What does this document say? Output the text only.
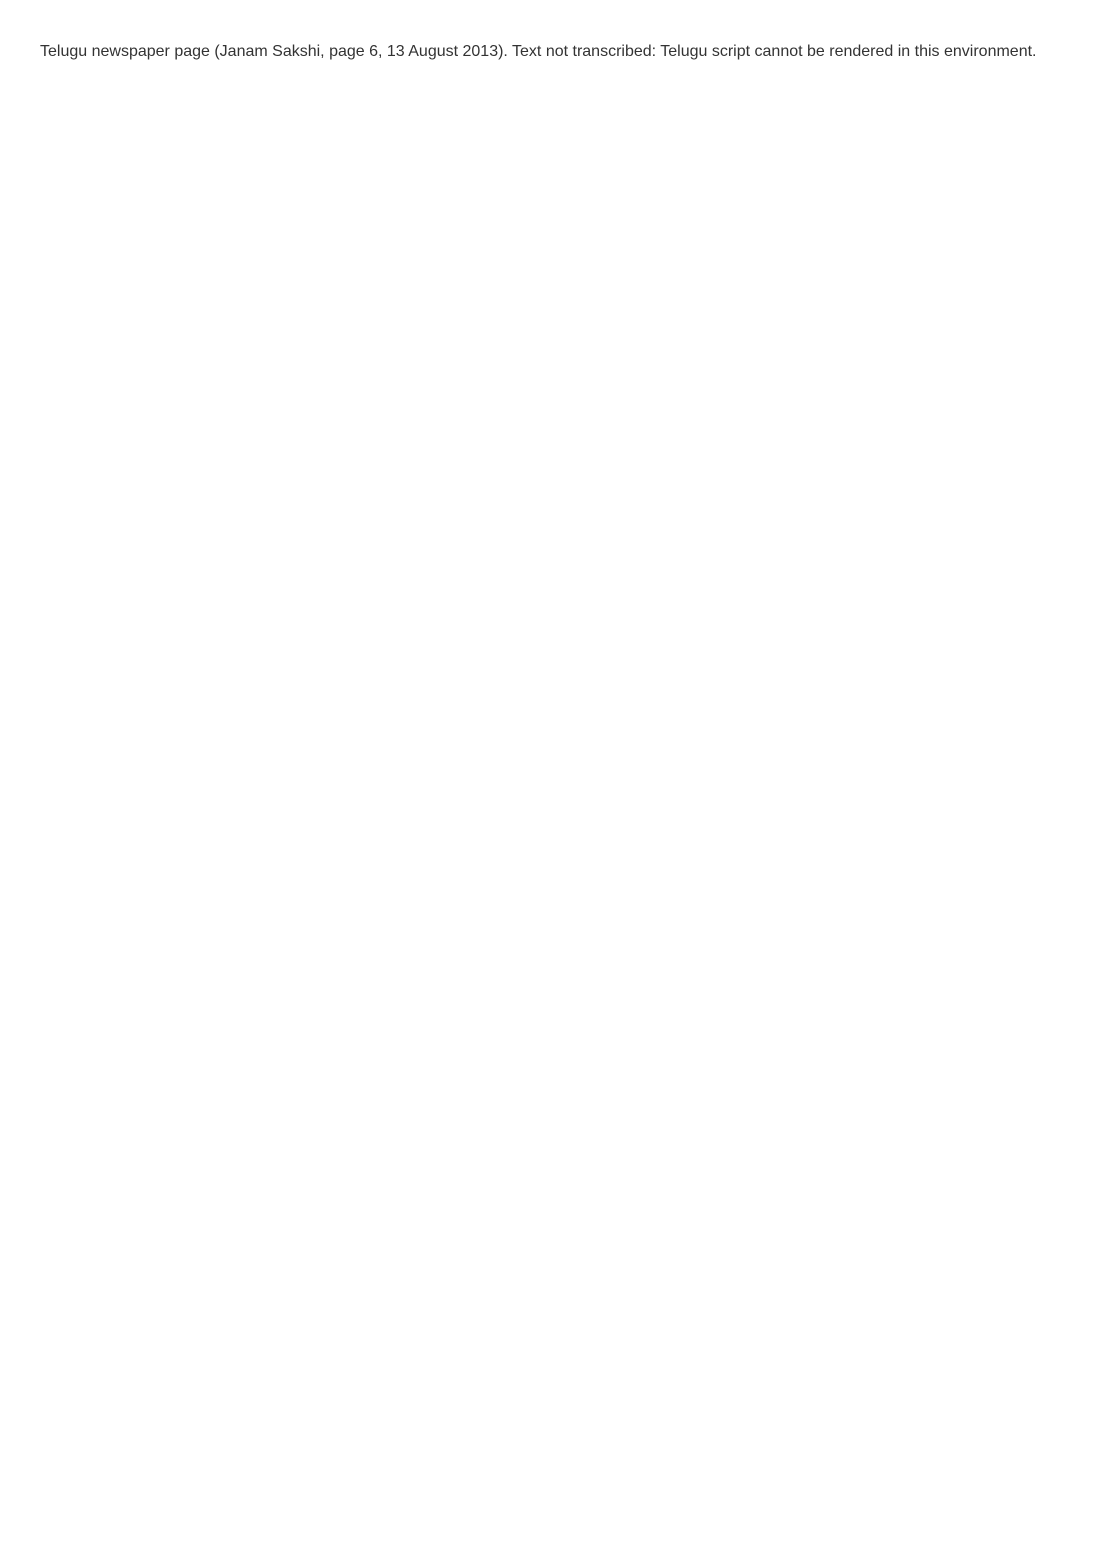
Telugu newspaper page (Janam Sakshi, page 6, 13 August 2013). Text not transcribed: Telugu script cannot be rendered in this environment.
